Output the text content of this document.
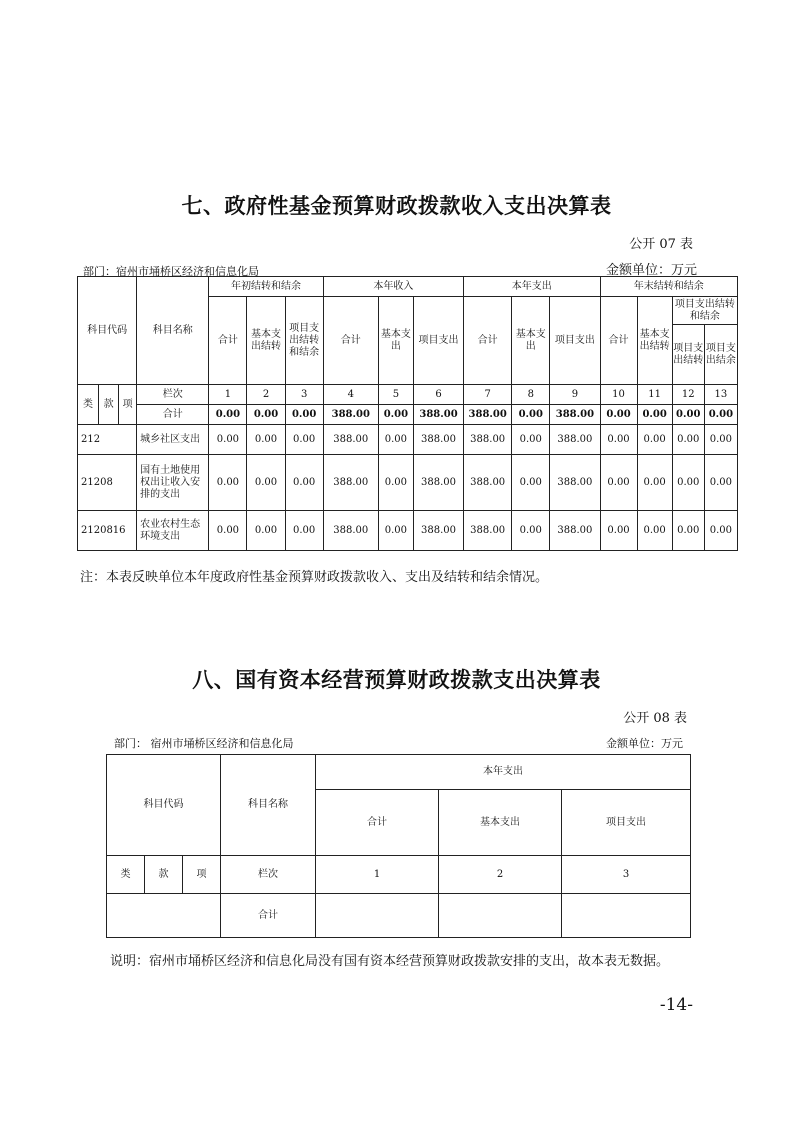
七、政府性基金预算财政拨款收入支出决算表
公开 07 表
部门：宿州市埇桥区经济和信息化局	金额单位：万元
科目代码			科目名称	年初结转和结余			本年收入			本年支出			年末结转和结余			
				合计	基本支出结转	项目支出结转和结余	合计	基本支出	项目支出	合计	基本支出	项目支出	合计	基本支出结转	项目支出结转和结余	
															项目支出结转	项目支出结余

类	款	项	栏次	1	2	3	4	5	6	7	8	9	10	11	12	13
			合计	0.00	0.00	0.00	388.00	0.00	388.00	388.00	0.00	388.00	0.00	0.00	0.00	0.00
212			城乡社区支出	0.00	0.00	0.00	388.00	0.00	388.00	388.00	0.00	388.00	0.00	0.00	0.00	0.00
21208			国有土地使用权出让收入安排的支出	0.00	0.00	0.00	388.00	0.00	388.00	388.00	0.00	388.00	0.00	0.00	0.00	0.00
2120816			农业农村生态环境支出	0.00	0.00	0.00	388.00	0.00	388.00	388.00	0.00	388.00	0.00	0.00	0.00	0.00
注：本表反映单位本年度政府性基金预算财政拨款收入、支出及结转和结余情况。
八、国有资本经营预算财政拨款支出决算表
公开 08 表
部门： 宿州市埇桥区经济和信息化局	金额单位：万元
科目代码			科目名称	本年支出		
				合计	基本支出	项目支出
类	款	项	栏次	1	2	3
			合计			
说明：宿州市埇桥区经济和信息化局没有国有资本经营预算财政拨款安排的支出，故本表无数据。
-14-
